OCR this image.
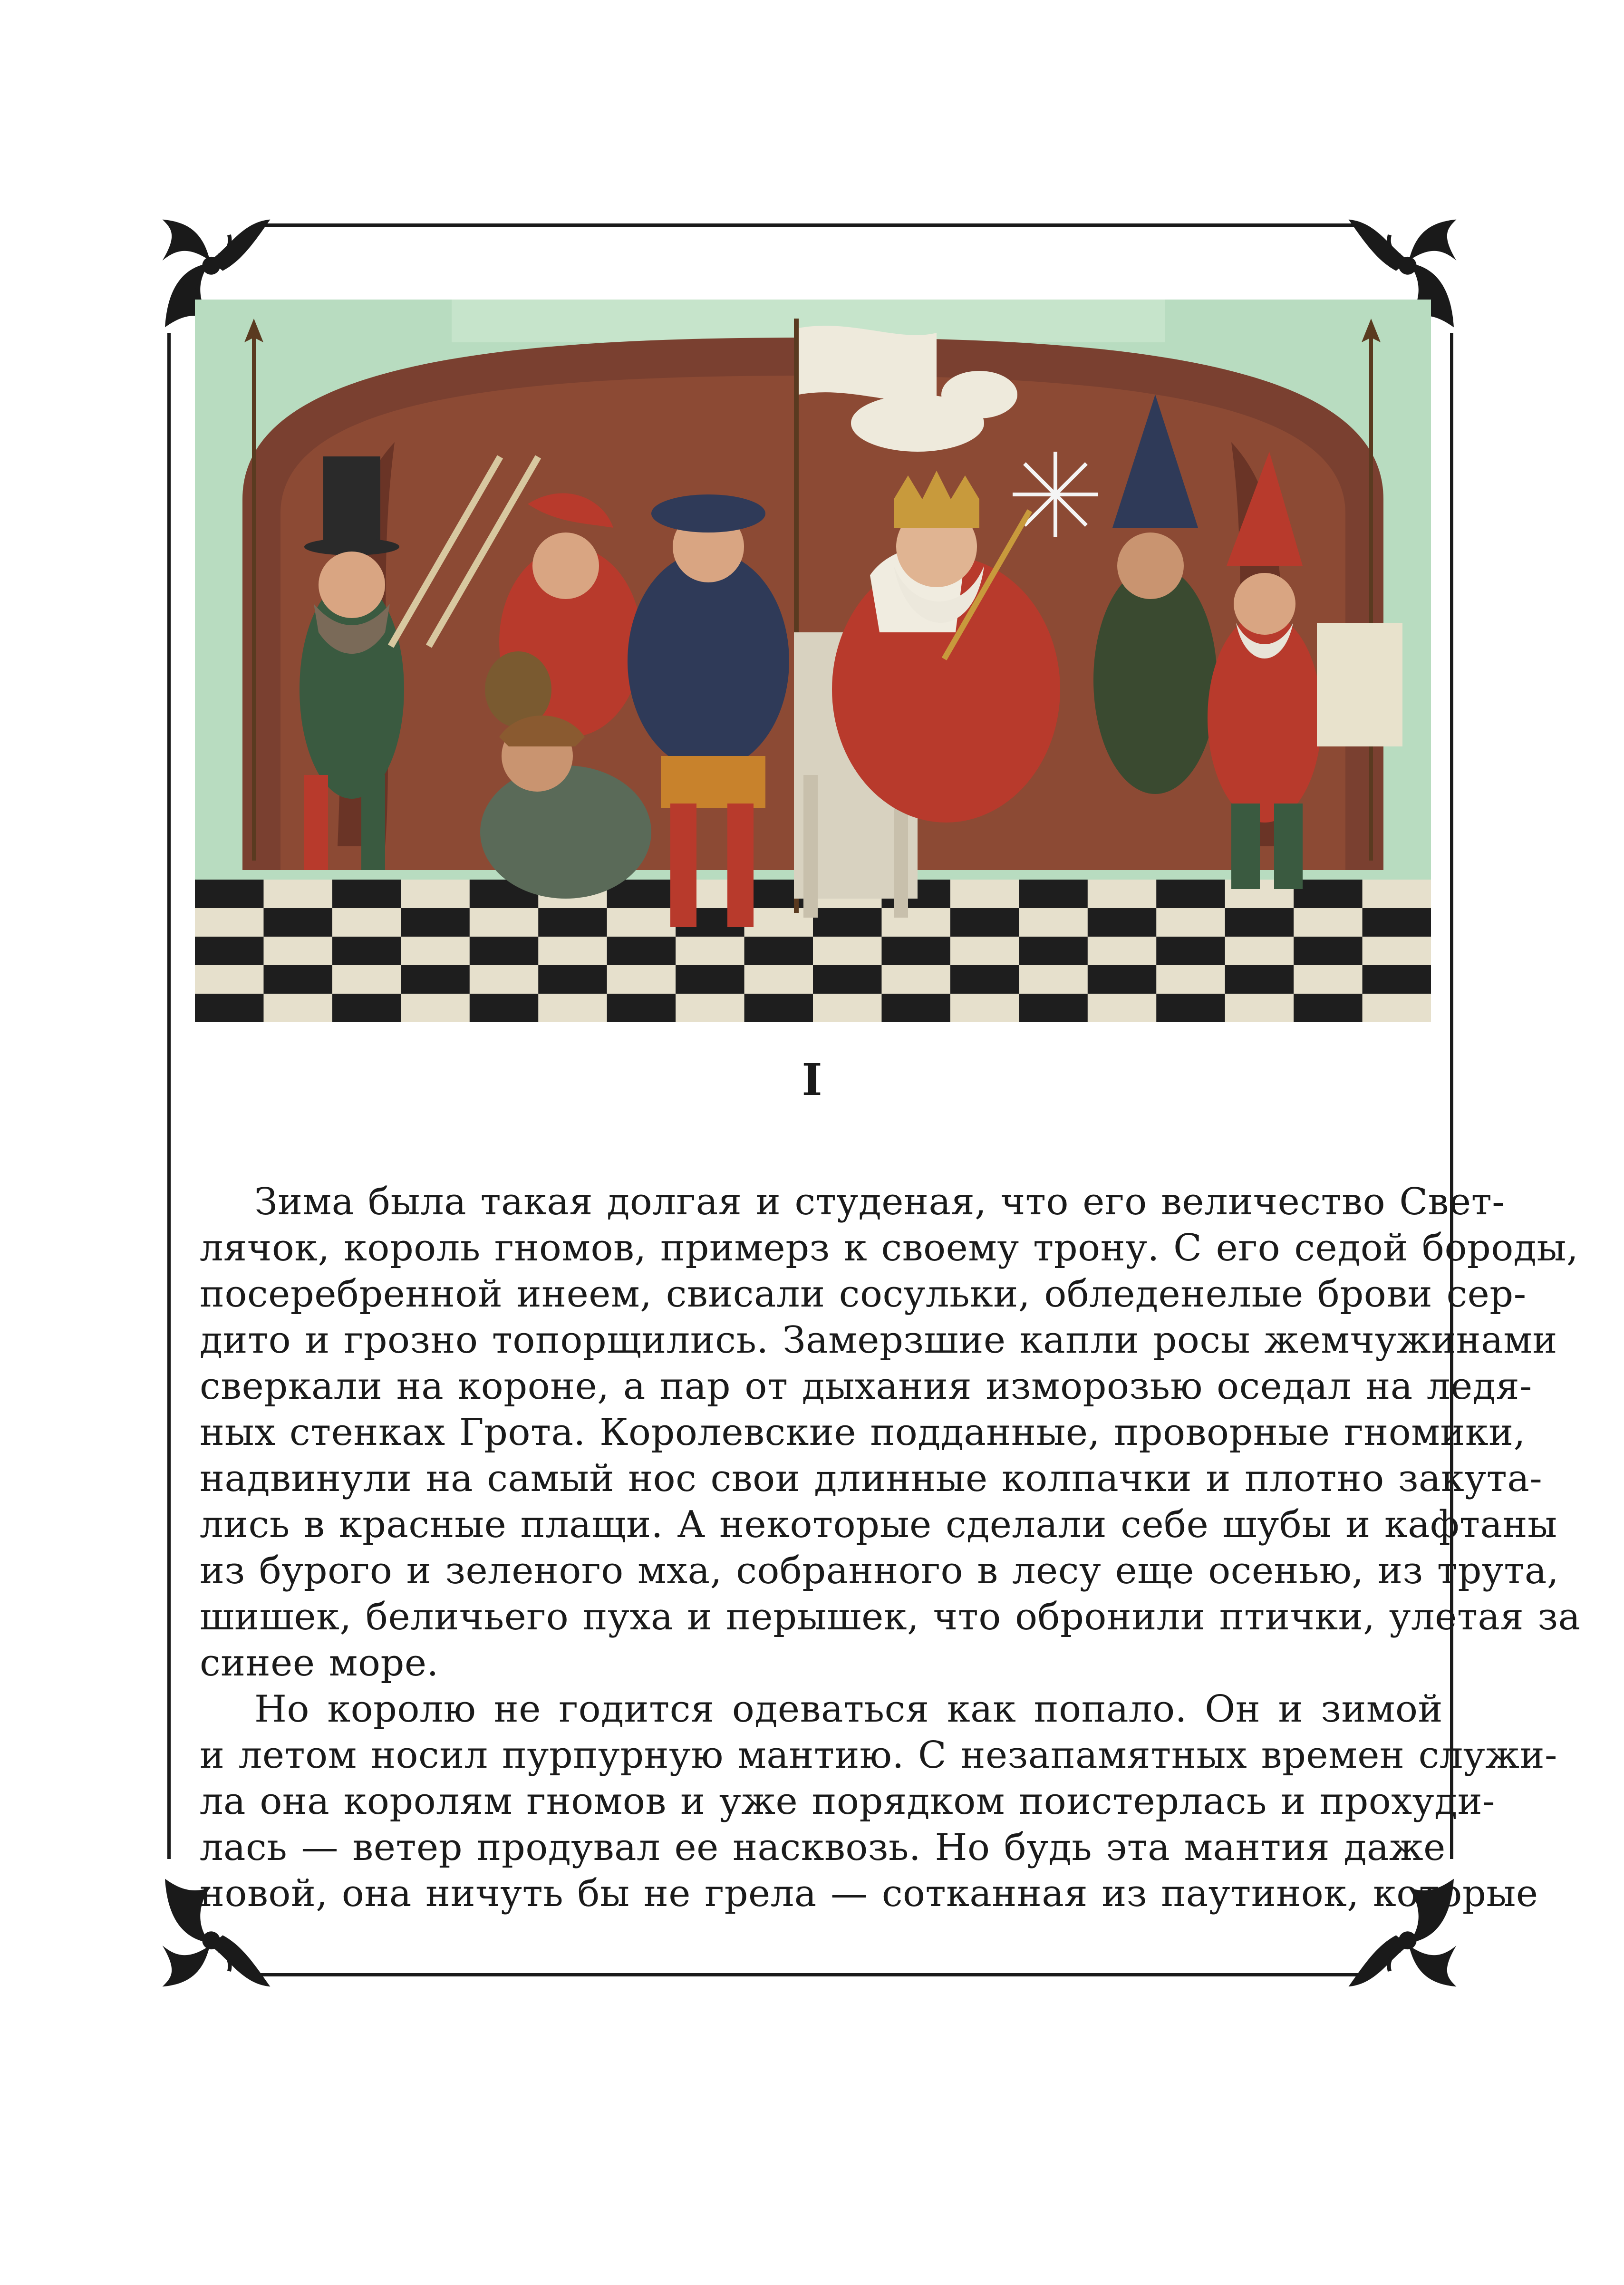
I
Зима была такая долгая и студеная, что его величество Свет-
лячок, король гномов, примерз к своему трону. С его седой бороды,
посеребренной инеем, свисали сосульки, обледенелые брови сер-
дито и грозно топорщились. Замерзшие капли росы жемчужинами
сверкали на короне, а пар от дыхания изморозью оседал на ледя-
ных стенках Грота. Королевские подданные, проворные гномики,
надвинули на самый нос свои длинные колпачки и плотно закута-
лись в красные плащи. А некоторые сделали себе шубы и кафтаны
из бурого и зеленого мха, собранного в лесу еще осенью, из трута,
шишек, беличьего пуха и перышек, что обронили птички, улетая за
синее море.
Но королю не годится одеваться как попало. Он и зимой
и летом носил пурпурную мантию. С незапамятных времен служи-
ла она королям гномов и уже порядком поистерлась и прохуди-
лась — ветер продувал ее насквозь. Но будь эта мантия даже
новой, она ничуть бы не грела — сотканная из паутинок, которые
